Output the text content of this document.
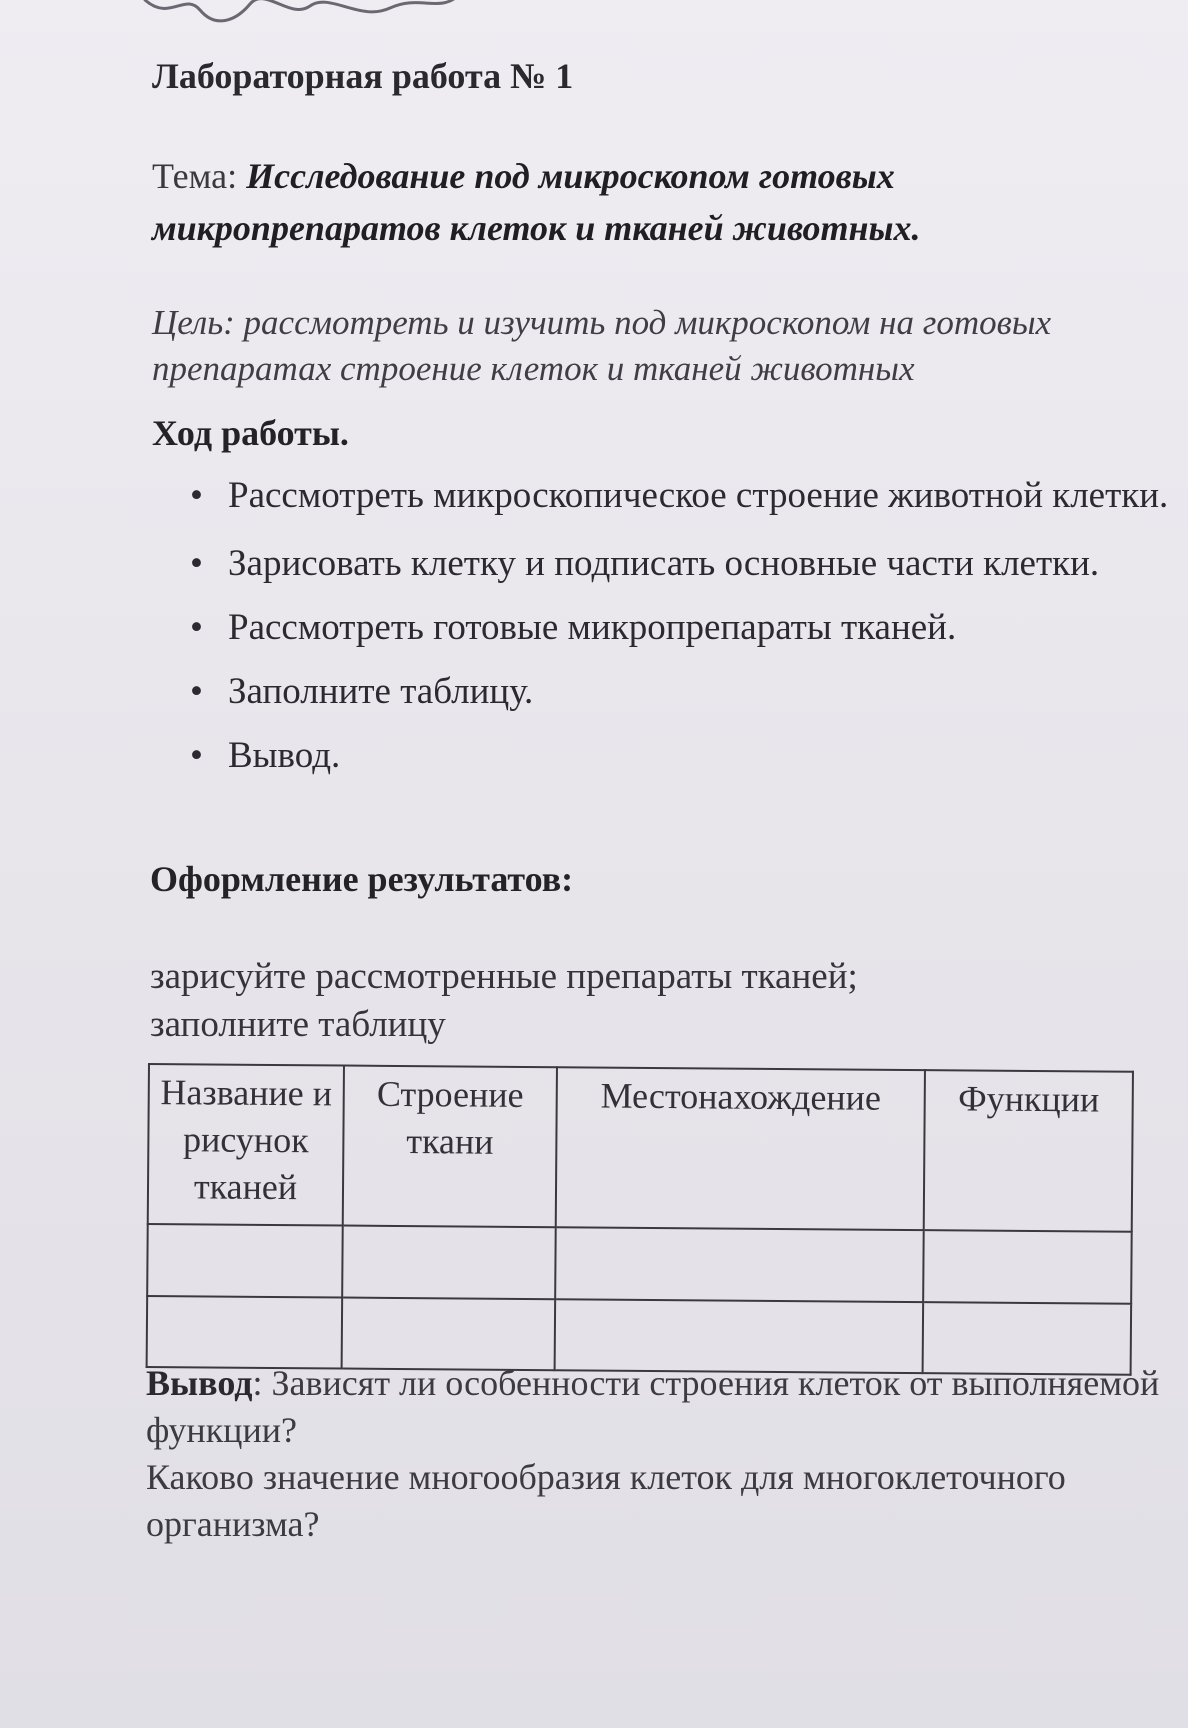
Лабораторная работа № 1
Тема: Исследование под микроскопом готовых микропрепаратов клеток и тканей животных.
Цель: рассмотреть и изучить под микроскопом на готовых препаратах строение клеток и тканей животных
Ход работы.
• Рассмотреть микроскопическое строение животной клетки.
• Зарисовать клетку и подписать основные части клетки.
• Рассмотреть готовые микропрепараты тканей.
• Заполните таблицу.
• Вывод.
Оформление результатов:
зарисуйте рассмотренные препараты тканей;
заполните таблицу
Название и рисунок тканей	Строение ткани	Местонахождение	Функции

Вывод: Зависят ли особенности строения клеток от выполняемой функции?
Каково значение многообразия клеток для многоклеточного организма?
